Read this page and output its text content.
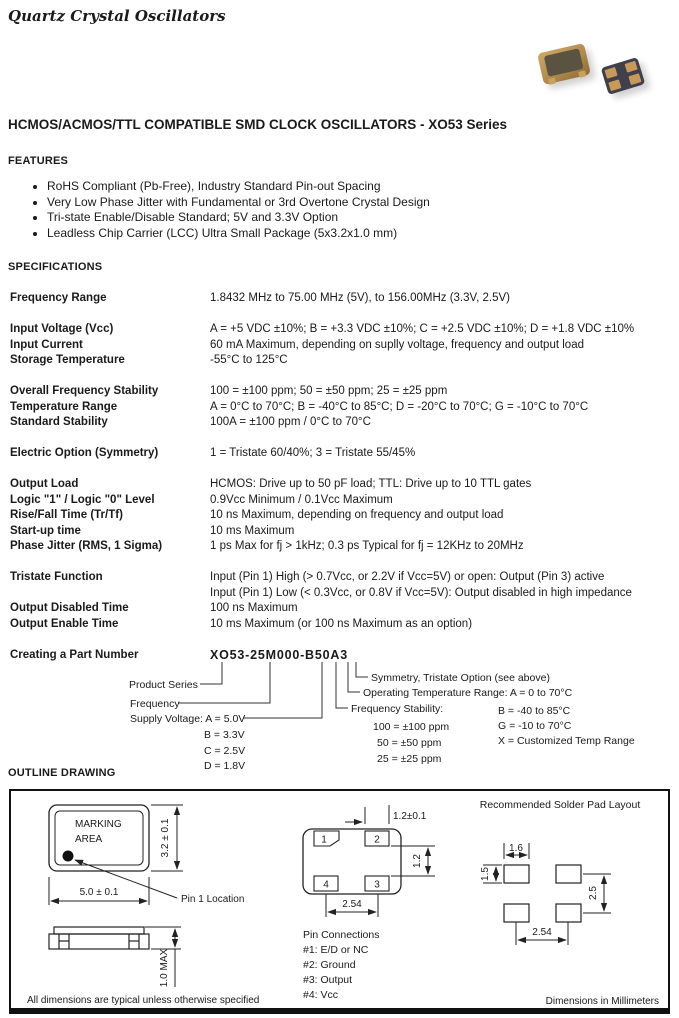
Quartz Crystal Oscillators
HCMOS/ACMOS/TTL COMPATIBLE SMD CLOCK OSCILLATORS - XO53 Series
FEATURES
• RoHS Compliant (Pb-Free), Industry Standard Pin-out Spacing
• Very Low Phase Jitter with Fundamental or 3rd Overtone Crystal Design
• Tri-state Enable/Disable Standard; 5V and 3.3V Option
• Leadless Chip Carrier (LCC) Ultra Small Package (5x3.2x1.0 mm)
SPECIFICATIONS
Frequency Range	1.8432 MHz to 75.00 MHz (5V), to 156.00MHz (3.3V, 2.5V)
Input Voltage (Vcc)	A = +5 VDC ±10%; B = +3.3 VDC ±10%; C = +2.5 VDC ±10%; D = +1.8 VDC ±10%
Input Current	60 mA Maximum, depending on suplly voltage, frequency and output load
Storage Temperature	-55°C to 125°C
Overall Frequency Stability	100 = ±100 ppm; 50 = ±50 ppm; 25 = ±25 ppm
Temperature Range	A = 0°C to 70°C; B = -40°C to 85°C; D = -20°C to 70°C; G = -10°C to 70°C
Standard Stability	100A = ±100 ppm / 0°C to 70°C
Electric Option (Symmetry)	1 = Tristate 60/40%; 3 = Tristate 55/45%
Output Load	HCMOS: Drive up to 50 pF load; TTL: Drive up to 10 TTL gates
Logic "1" / Logic "0" Level	0.9Vcc Minimum / 0.1Vcc Maximum
Rise/Fall Time (Tr/Tf)	10 ns Maximum, depending on frequency and output load
Start-up time	10 ms Maximum
Phase Jitter (RMS, 1 Sigma)	1 ps Max for fj > 1kHz; 0.3 ps Typical for fj = 12KHz to 20MHz
Tristate Function	Input (Pin 1) High (> 0.7Vcc, or 2.2V if Vcc=5V) or open: Output (Pin 3) active
Input (Pin 1) Low (< 0.3Vcc, or 0.8V if Vcc=5V): Output disabled in high impedance
Output Disabled Time	100 ns Maximum
Output Enable Time	10 ms Maximum (or 100 ns Maximum as an option)
Creating a Part Number	XO53-25M000-B50A3
Product Series
Frequency
Supply Voltage: A = 5.0V
B = 3.3V
C = 2.5V
D = 1.8V
Frequency Stability:
100 = ±100 ppm
50 = ±50 ppm
25 = ±25 ppm
Operating Temperature Range: A = 0 to 70°C
B = -40 to 85°C
G = -10 to 70°C
X = Customized Temp Range
Symmetry, Tristate Option (see above)
OUTLINE DRAWING
MARKING
AREA	3.2 ± 0.1
5.0 ± 0.1
Pin 1 Location
1.0 MAX
All dimensions are typical unless otherwise specified
1	2
4	3
1.2±0.1
1.2
2.54
Pin Connections
#1: E/D or NC
#2: Ground
#3: Output
#4: Vcc
Recommended Solder Pad Layout
1.6
1.5
2.5
2.54
Dimensions in Millimeters
